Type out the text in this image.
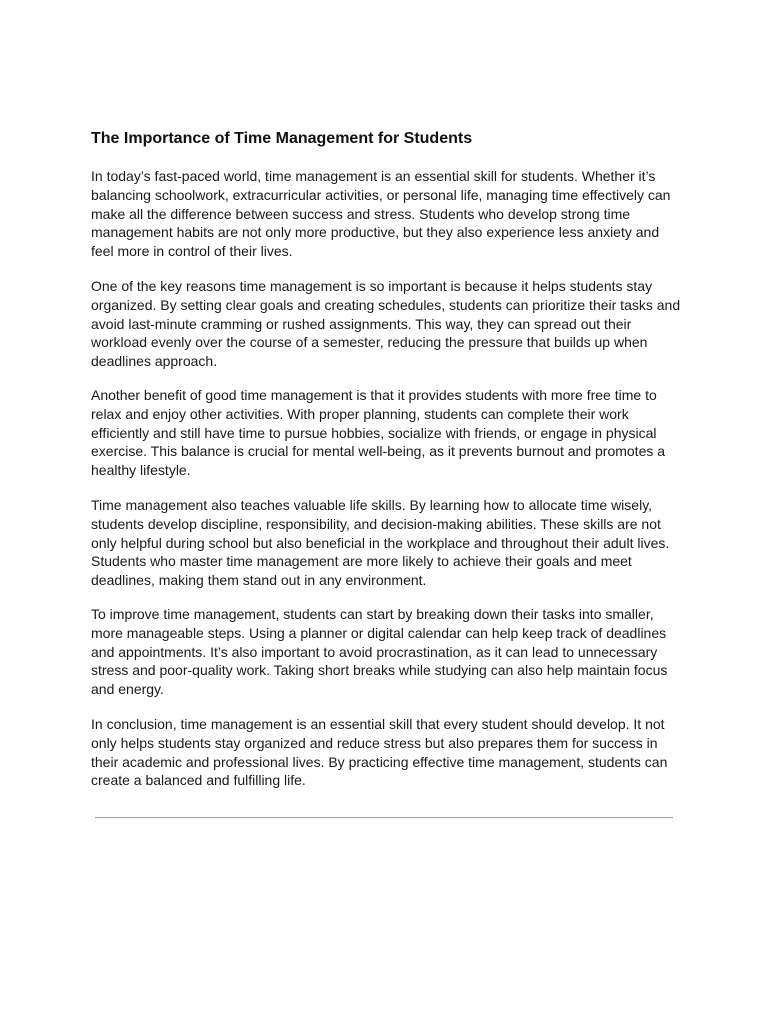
The Importance of Time Management for Students

In today’s fast-paced world, time management is an essential skill for students. Whether it’s balancing schoolwork, extracurricular activities, or personal life, managing time effectively can make all the difference between success and stress. Students who develop strong time management habits are not only more productive, but they also experience less anxiety and feel more in control of their lives.

One of the key reasons time management is so important is because it helps students stay organized. By setting clear goals and creating schedules, students can prioritize their tasks and avoid last-minute cramming or rushed assignments. This way, they can spread out their workload evenly over the course of a semester, reducing the pressure that builds up when deadlines approach.

Another benefit of good time management is that it provides students with more free time to relax and enjoy other activities. With proper planning, students can complete their work efficiently and still have time to pursue hobbies, socialize with friends, or engage in physical exercise. This balance is crucial for mental well-being, as it prevents burnout and promotes a healthy lifestyle.

Time management also teaches valuable life skills. By learning how to allocate time wisely, students develop discipline, responsibility, and decision-making abilities. These skills are not only helpful during school but also beneficial in the workplace and throughout their adult lives. Students who master time management are more likely to achieve their goals and meet deadlines, making them stand out in any environment.

To improve time management, students can start by breaking down their tasks into smaller, more manageable steps. Using a planner or digital calendar can help keep track of deadlines and appointments. It’s also important to avoid procrastination, as it can lead to unnecessary stress and poor-quality work. Taking short breaks while studying can also help maintain focus and energy.

In conclusion, time management is an essential skill that every student should develop. It not only helps students stay organized and reduce stress but also prepares them for success in their academic and professional lives. By practicing effective time management, students can create a balanced and fulfilling life.
